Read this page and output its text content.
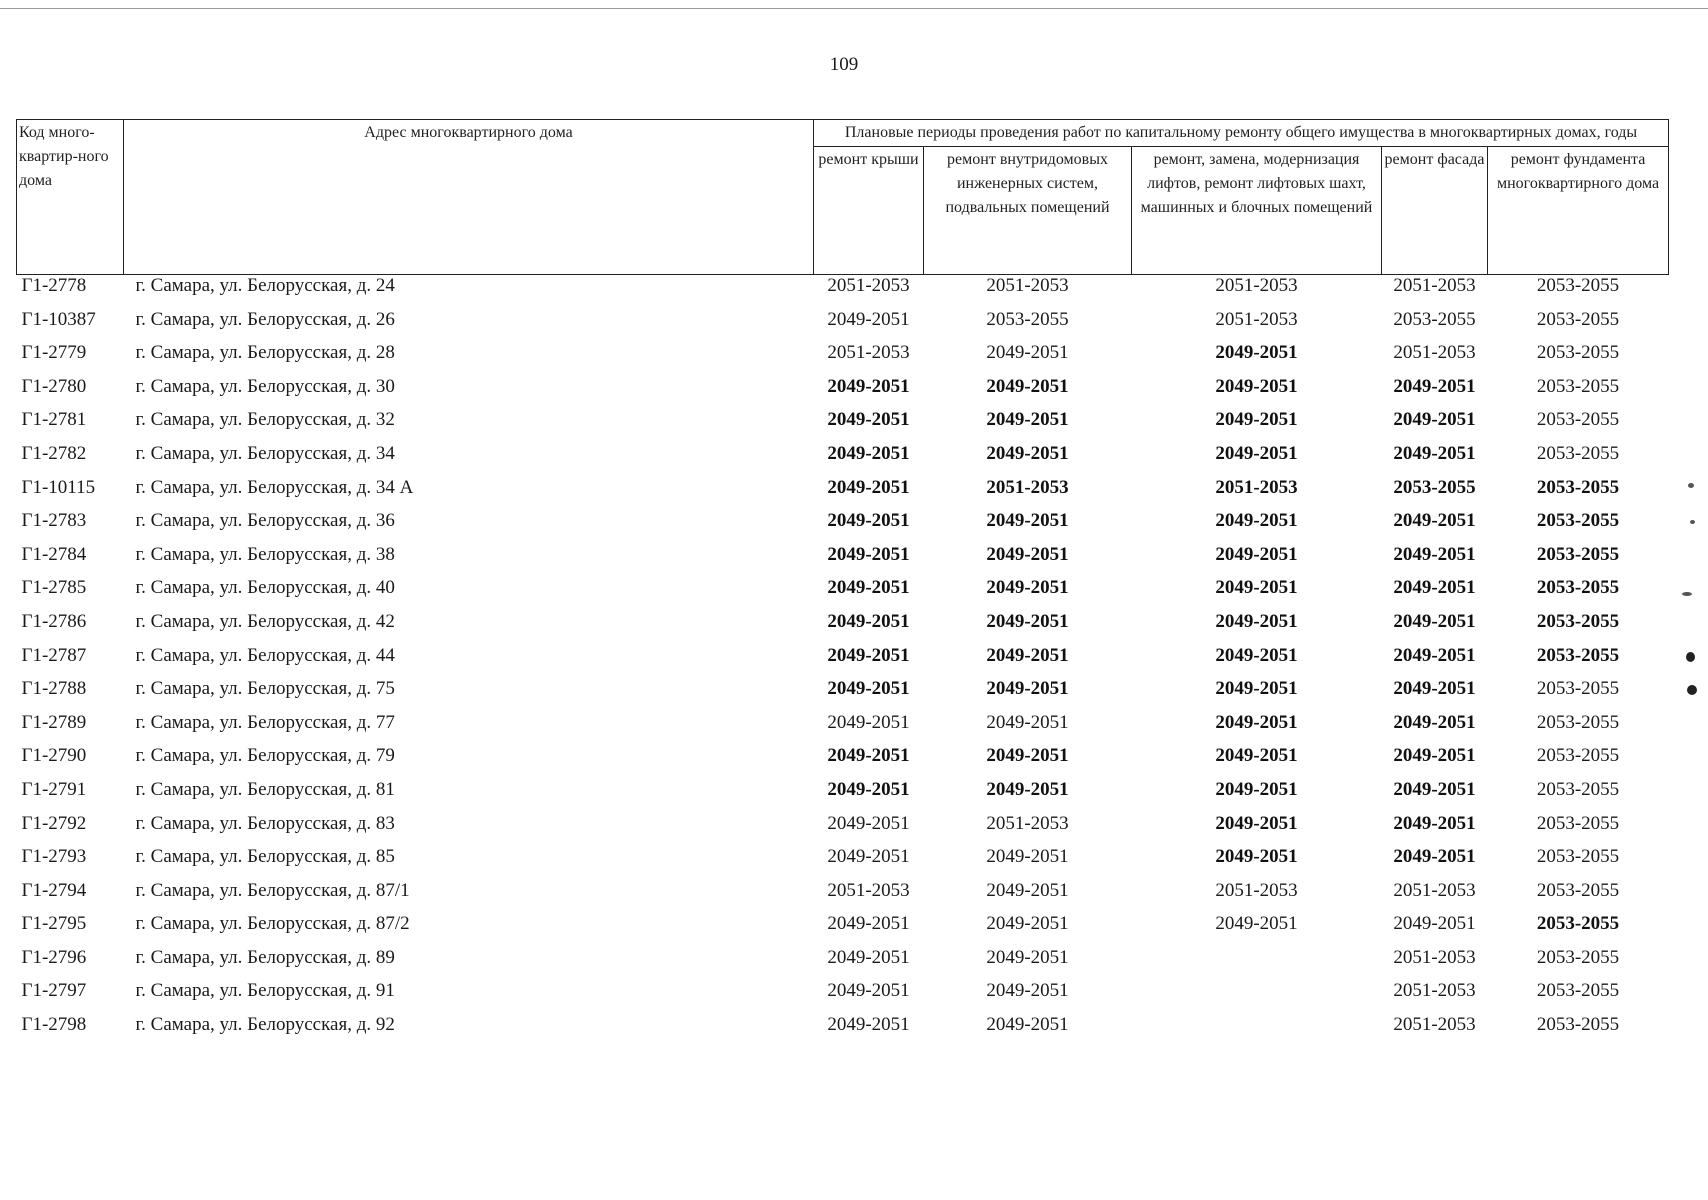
109
Код много-квартир-ного дома	Адрес многоквартирного дома	Плановые периоды проведения работ по капитальному ремонту общего имущества в многоквартирных домах, годы				
		ремонт крыши	ремонт внутридомовых инженерных систем, подвальных помещений	ремонт, замена, модернизация лифтов, ремонт лифтовых шахт, машинных и блочных помещений	ремонт фасада	ремонт фундамента многоквартирного дома
Г1-2778	г. Самара, ул. Белорусская, д. 24	2051-2053	2051-2053	2051-2053	2051-2053	2053-2055
Г1-10387	г. Самара, ул. Белорусская, д. 26	2049-2051	2053-2055	2051-2053	2053-2055	2053-2055
Г1-2779	г. Самара, ул. Белорусская, д. 28	2051-2053	2049-2051	2049-2051	2051-2053	2053-2055
Г1-2780	г. Самара, ул. Белорусская, д. 30	2049-2051	2049-2051	2049-2051	2049-2051	2053-2055
Г1-2781	г. Самара, ул. Белорусская, д. 32	2049-2051	2049-2051	2049-2051	2049-2051	2053-2055
Г1-2782	г. Самара, ул. Белорусская, д. 34	2049-2051	2049-2051	2049-2051	2049-2051	2053-2055
Г1-10115	г. Самара, ул. Белорусская, д. 34 А	2049-2051	2051-2053	2051-2053	2053-2055	2053-2055
Г1-2783	г. Самара, ул. Белорусская, д. 36	2049-2051	2049-2051	2049-2051	2049-2051	2053-2055
Г1-2784	г. Самара, ул. Белорусская, д. 38	2049-2051	2049-2051	2049-2051	2049-2051	2053-2055
Г1-2785	г. Самара, ул. Белорусская, д. 40	2049-2051	2049-2051	2049-2051	2049-2051	2053-2055
Г1-2786	г. Самара, ул. Белорусская, д. 42	2049-2051	2049-2051	2049-2051	2049-2051	2053-2055
Г1-2787	г. Самара, ул. Белорусская, д. 44	2049-2051	2049-2051	2049-2051	2049-2051	2053-2055
Г1-2788	г. Самара, ул. Белорусская, д. 75	2049-2051	2049-2051	2049-2051	2049-2051	2053-2055
Г1-2789	г. Самара, ул. Белорусская, д. 77	2049-2051	2049-2051	2049-2051	2049-2051	2053-2055
Г1-2790	г. Самара, ул. Белорусская, д. 79	2049-2051	2049-2051	2049-2051	2049-2051	2053-2055
Г1-2791	г. Самара, ул. Белорусская, д. 81	2049-2051	2049-2051	2049-2051	2049-2051	2053-2055
Г1-2792	г. Самара, ул. Белорусская, д. 83	2049-2051	2051-2053	2049-2051	2049-2051	2053-2055
Г1-2793	г. Самара, ул. Белорусская, д. 85	2049-2051	2049-2051	2049-2051	2049-2051	2053-2055
Г1-2794	г. Самара, ул. Белорусская, д. 87/1	2051-2053	2049-2051	2051-2053	2051-2053	2053-2055
Г1-2795	г. Самара, ул. Белорусская, д. 87/2	2049-2051	2049-2051	2049-2051	2049-2051	2053-2055
Г1-2796	г. Самара, ул. Белорусская, д. 89	2049-2051	2049-2051		2051-2053	2053-2055
Г1-2797	г. Самара, ул. Белорусская, д. 91	2049-2051	2049-2051		2051-2053	2053-2055
Г1-2798	г. Самара, ул. Белорусская, д. 92	2049-2051	2049-2051		2051-2053	2053-2055
